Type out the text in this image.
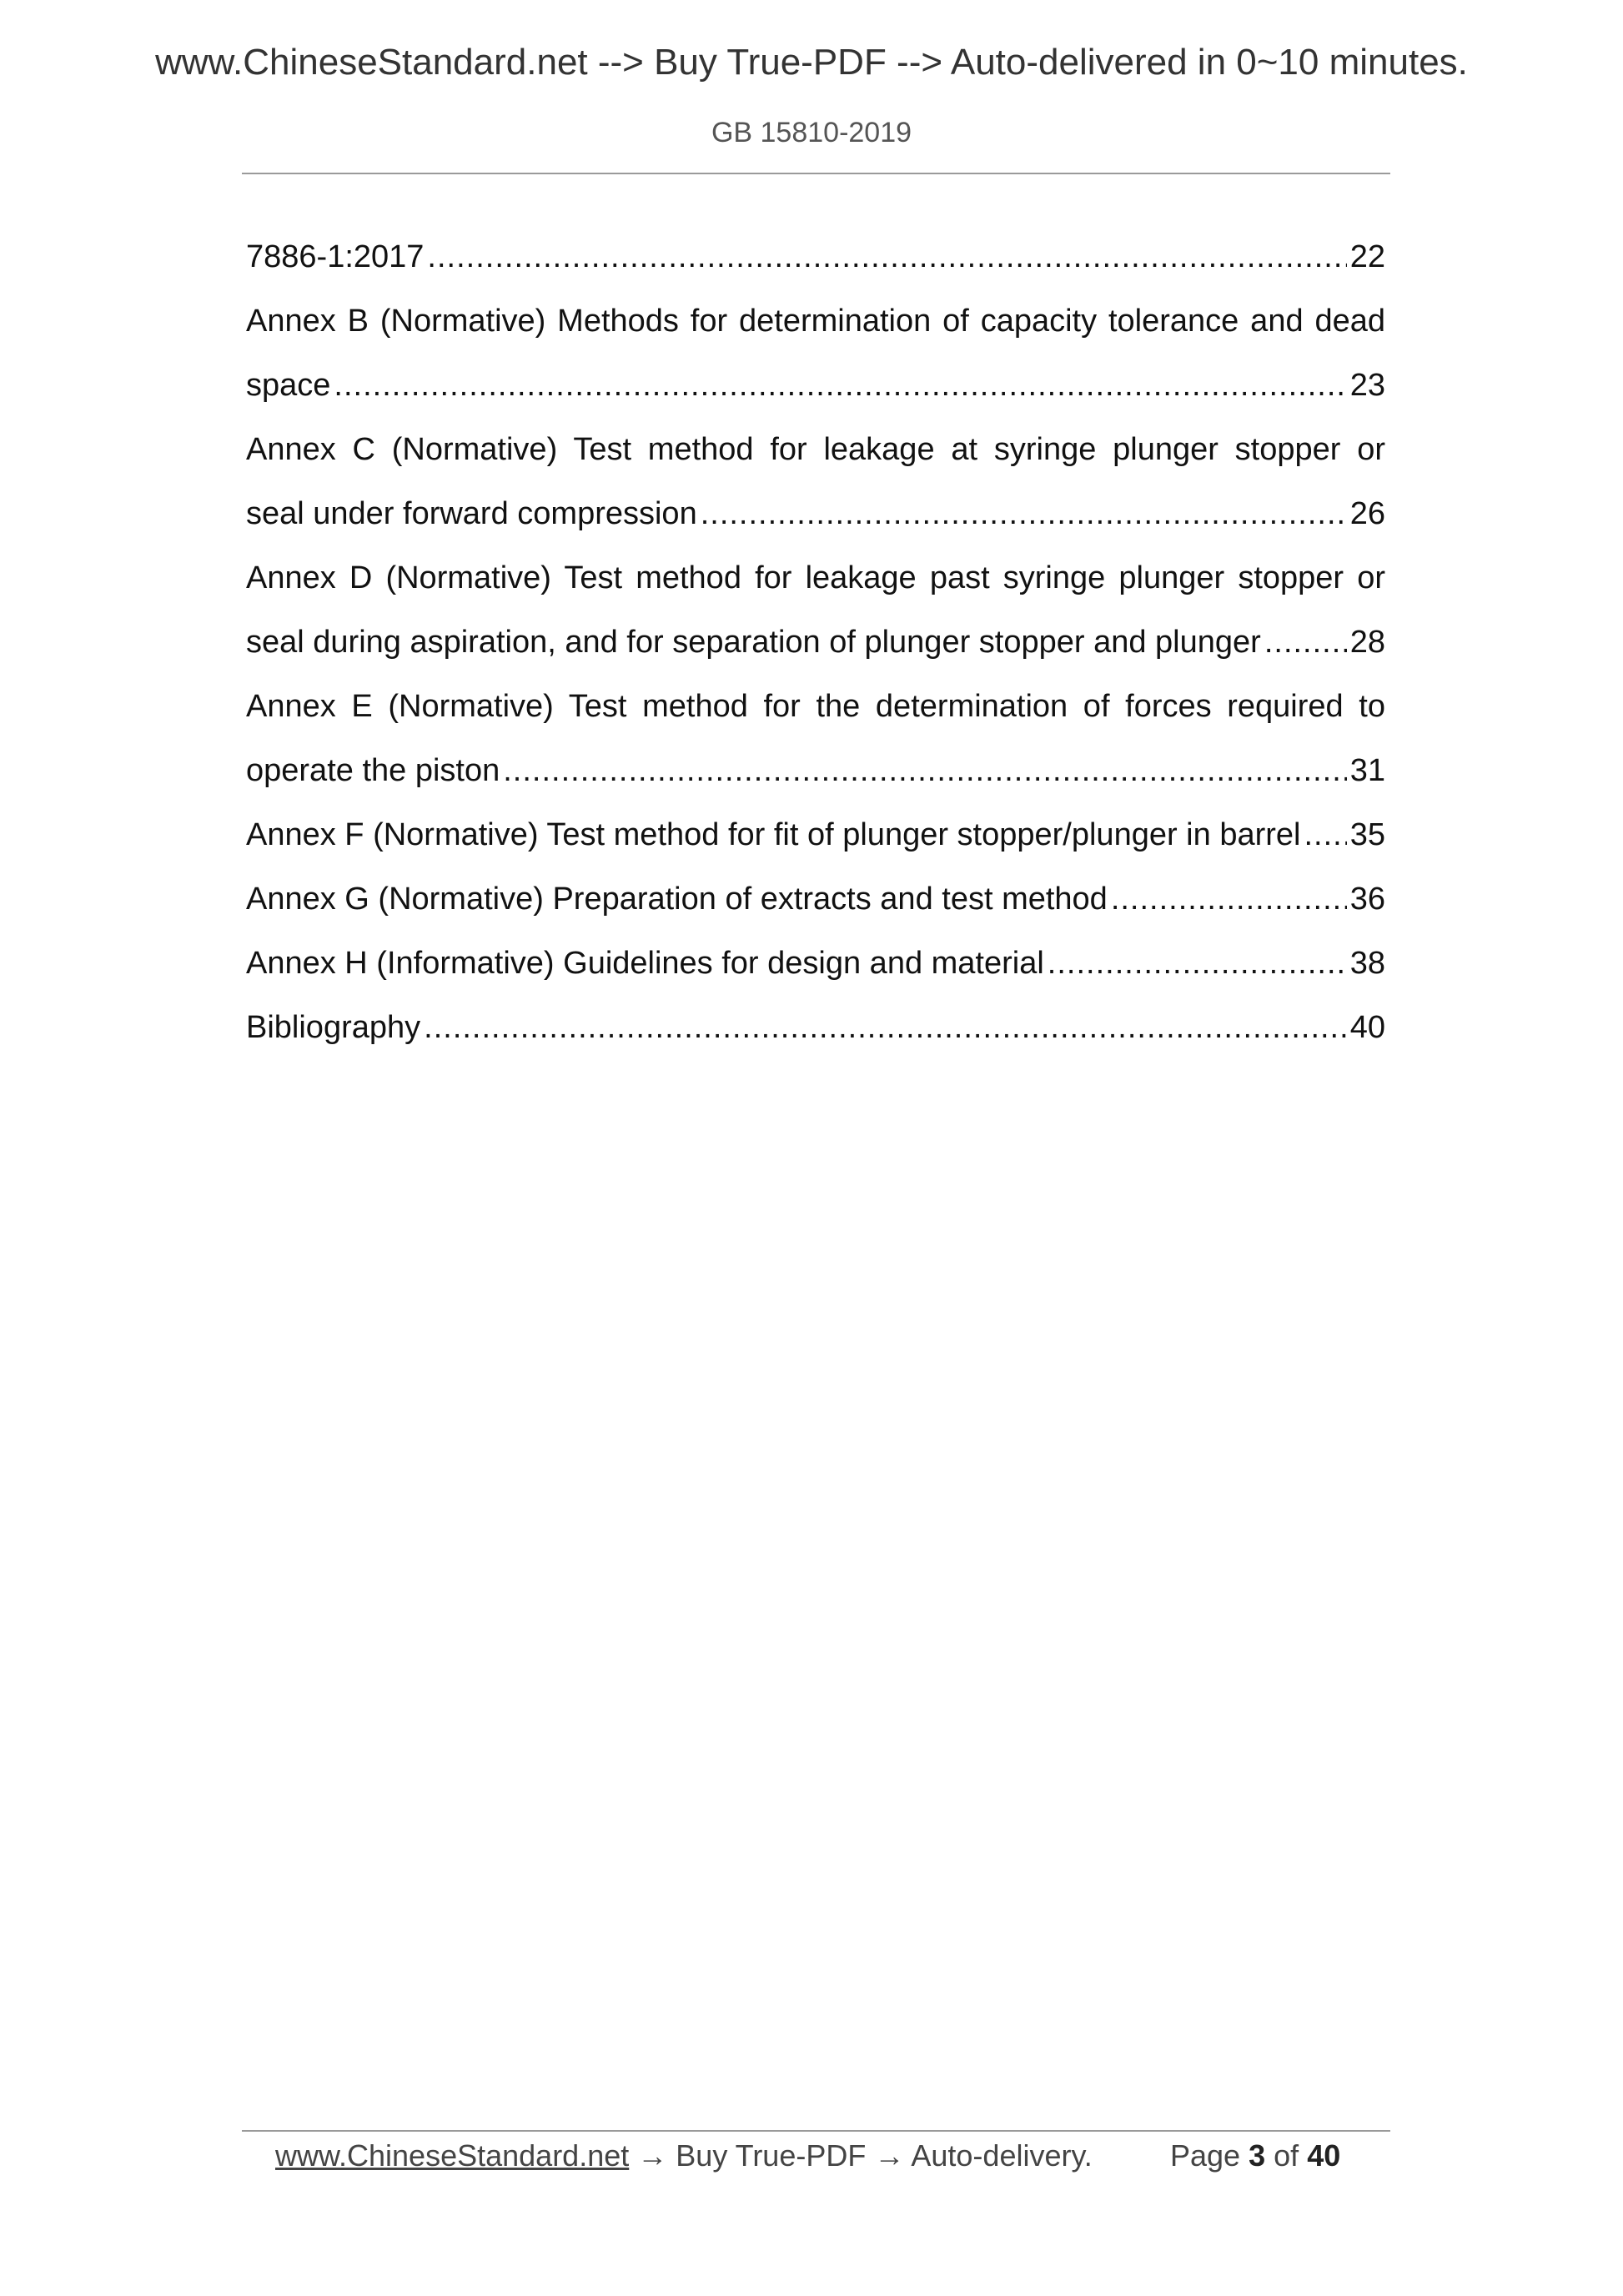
www.ChineseStandard.net --> Buy True-PDF --> Auto-delivered in 0~10 minutes.
GB 15810-2019
7886-1:2017 .....	22
Annex B (Normative) Methods for determination of capacity tolerance and dead
space .....	23
Annex C (Normative) Test method for leakage at syringe plunger stopper or
seal under forward compression .....	26
Annex D (Normative) Test method for leakage past syringe plunger stopper or
seal during aspiration, and for separation of plunger stopper and plunger .....	28
Annex E (Normative) Test method for the determination of forces required to
operate the piston .....	31
Annex F (Normative) Test method for fit of plunger stopper/plunger in barrel ..... 35
Annex G (Normative) Preparation of extracts and test method .....	36
Annex H (Informative) Guidelines for design and material .....	38
Bibliography .....	40
www.ChineseStandard.net → Buy True-PDF → Auto-delivery.	Page 3 of 40
